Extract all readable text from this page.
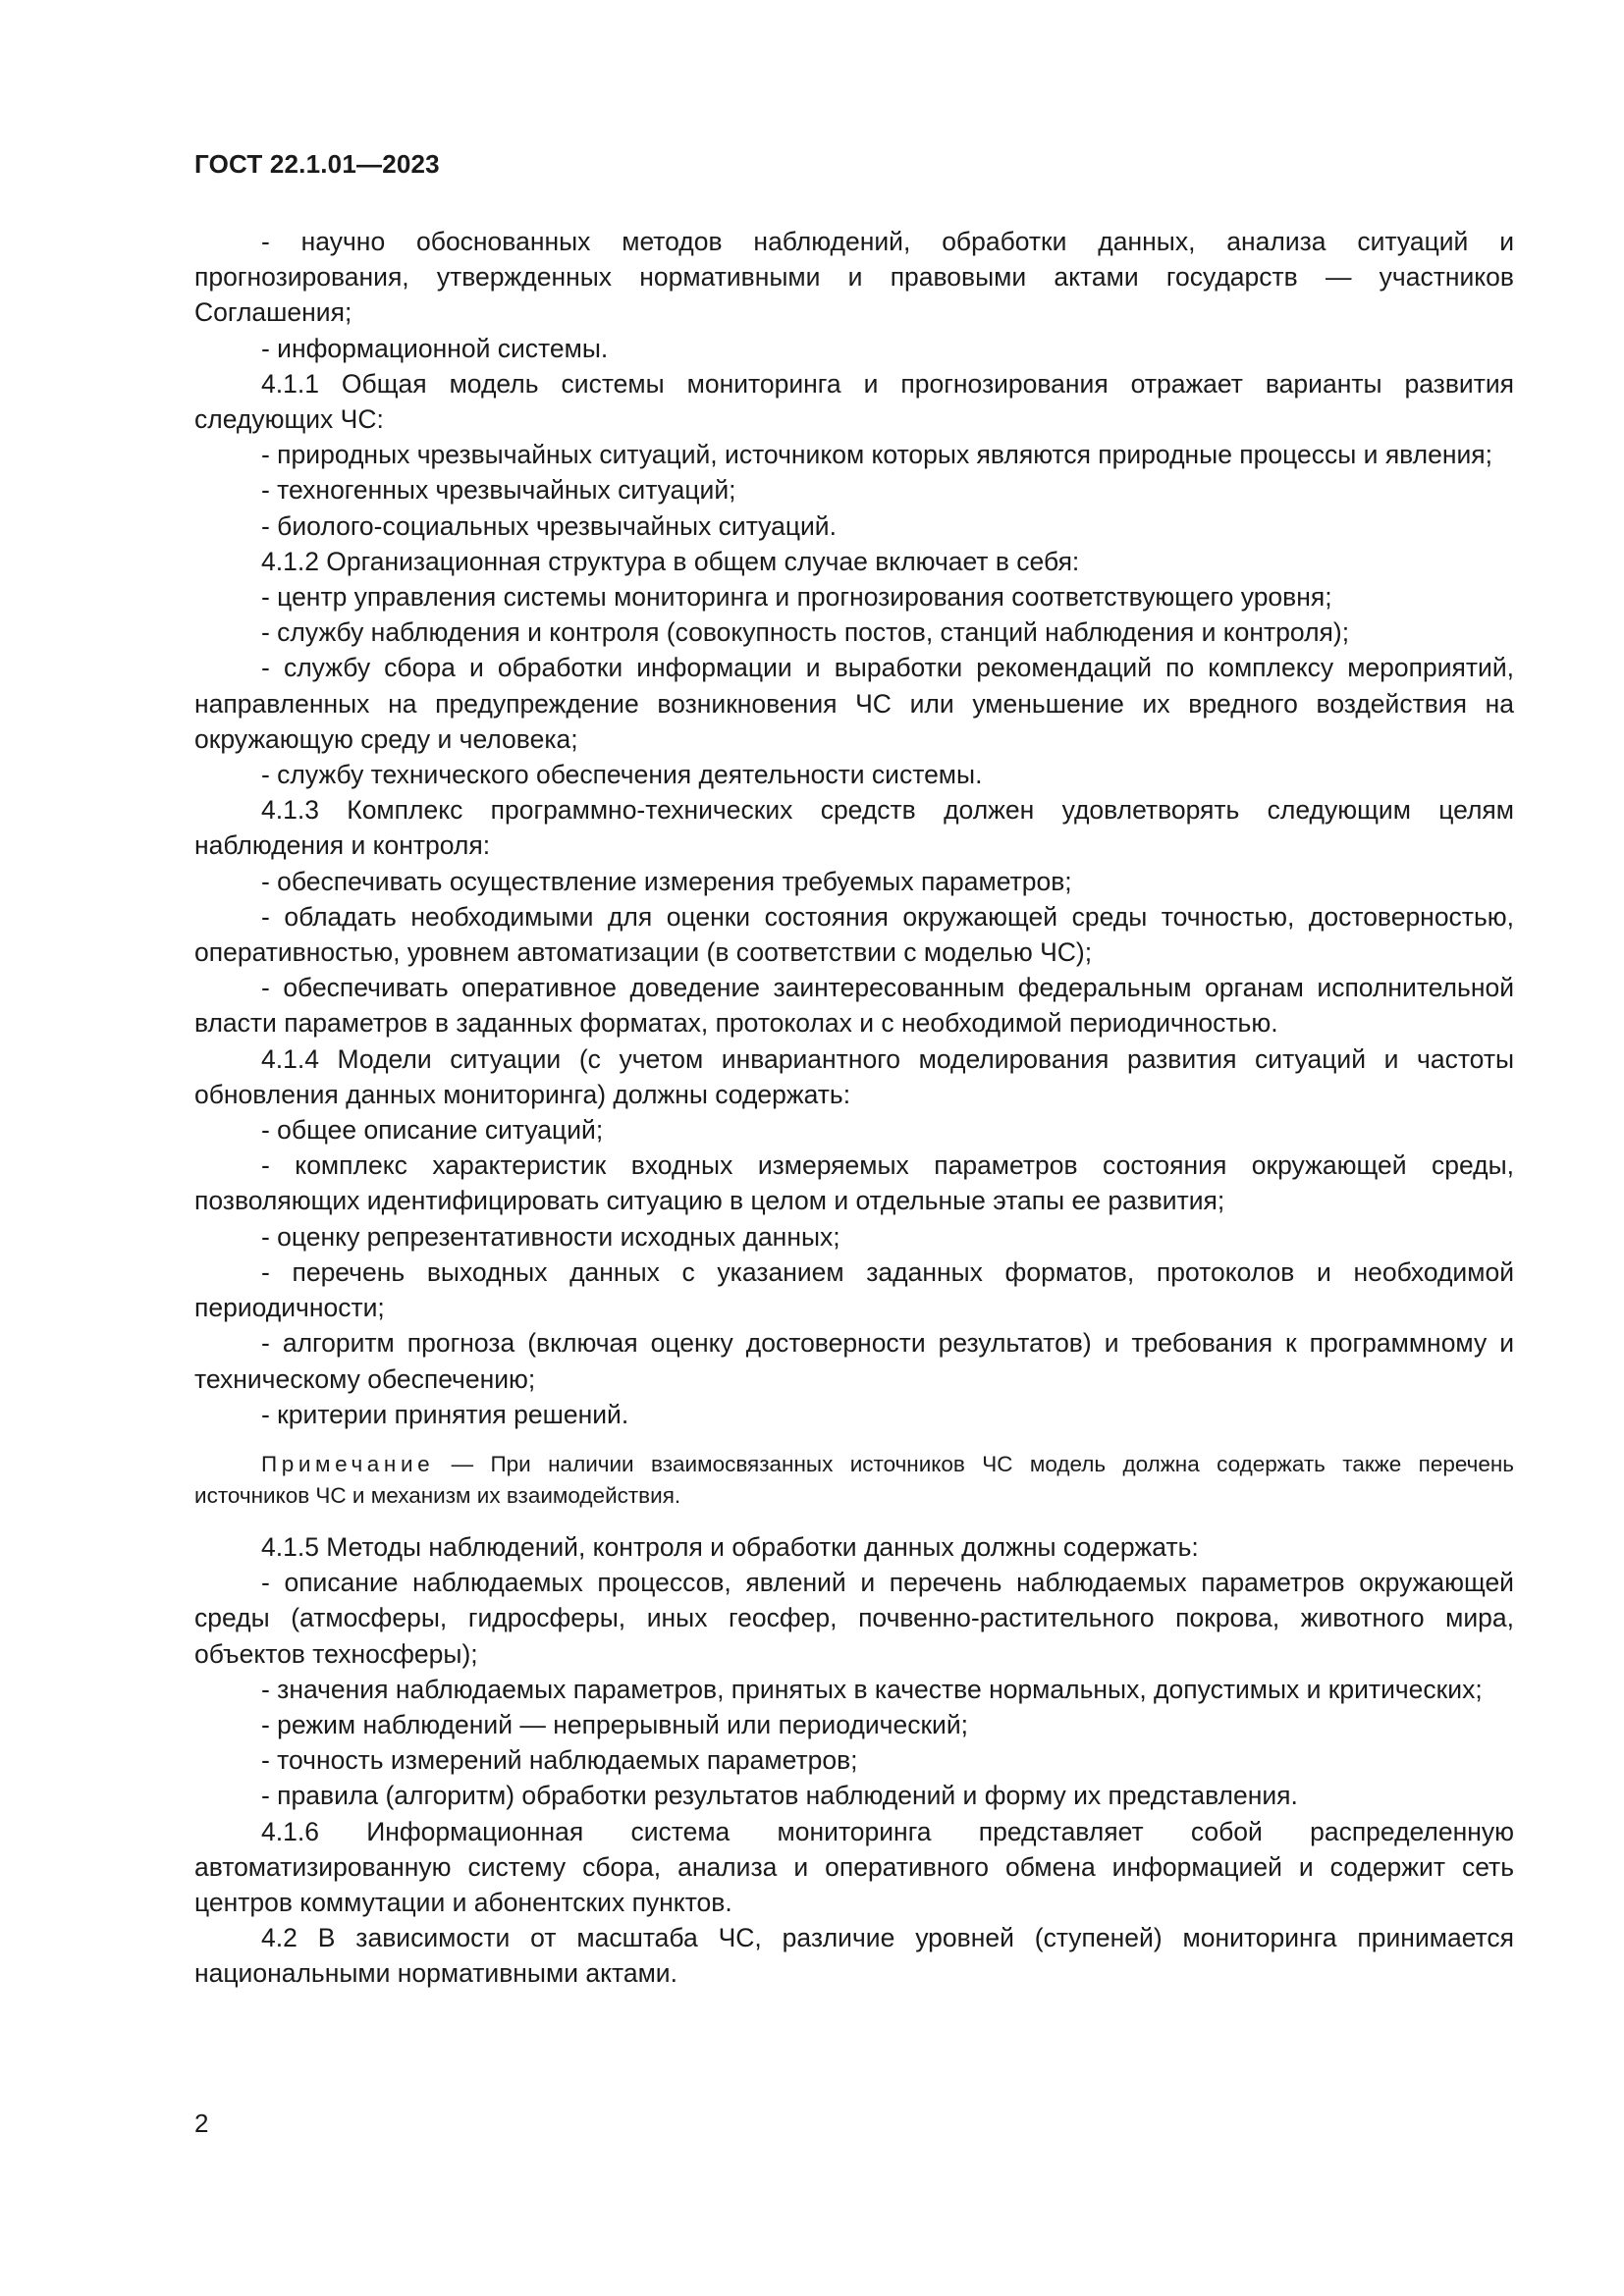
ГОСТ 22.1.01—2023

- научно обоснованных методов наблюдений, обработки данных, анализа ситуаций и прогнозирования, утвержденных нормативными и правовыми актами государств — участников Соглашения;

- информационной системы.

4.1.1 Общая модель системы мониторинга и прогнозирования отражает варианты развития следующих ЧС:

- природных чрезвычайных ситуаций, источником которых являются природные процессы и явления;

- техногенных чрезвычайных ситуаций;

- биолого-социальных чрезвычайных ситуаций.

4.1.2 Организационная структура в общем случае включает в себя:

- центр управления системы мониторинга и прогнозирования соответствующего уровня;

- службу наблюдения и контроля (совокупность постов, станций наблюдения и контроля);

- службу сбора и обработки информации и выработки рекомендаций по комплексу мероприятий, направленных на предупреждение возникновения ЧС или уменьшение их вредного воздействия на окружающую среду и человека;

- службу технического обеспечения деятельности системы.

4.1.3 Комплекс программно-технических средств должен удовлетворять следующим целям наблюдения и контроля:

- обеспечивать осуществление измерения требуемых параметров;

- обладать необходимыми для оценки состояния окружающей среды точностью, достоверностью, оперативностью, уровнем автоматизации (в соответствии с моделью ЧС);

- обеспечивать оперативное доведение заинтересованным федеральным органам исполнительной власти параметров в заданных форматах, протоколах и с необходимой периодичностью.

4.1.4 Модели ситуации (с учетом инвариантного моделирования развития ситуаций и частоты обновления данных мониторинга) должны содержать:

- общее описание ситуаций;

- комплекс характеристик входных измеряемых параметров состояния окружающей среды, позволяющих идентифицировать ситуацию в целом и отдельные этапы ее развития;

- оценку репрезентативности исходных данных;

- перечень выходных данных с указанием заданных форматов, протоколов и необходимой периодичности;

- алгоритм прогноза (включая оценку достоверности результатов) и требования к программному и техническому обеспечению;

- критерии принятия решений.

Примечание — При наличии взаимосвязанных источников ЧС модель должна содержать также перечень источников ЧС и механизм их взаимодействия.

4.1.5 Методы наблюдений, контроля и обработки данных должны содержать:

- описание наблюдаемых процессов, явлений и перечень наблюдаемых параметров окружающей среды (атмосферы, гидросферы, иных геосфер, почвенно-растительного покрова, животного мира, объектов техносферы);

- значения наблюдаемых параметров, принятых в качестве нормальных, допустимых и критических;

- режим наблюдений — непрерывный или периодический;

- точность измерений наблюдаемых параметров;

- правила (алгоритм) обработки результатов наблюдений и форму их представления.

4.1.6 Информационная система мониторинга представляет собой распределенную автоматизированную систему сбора, анализа и оперативного обмена информацией и содержит сеть центров коммутации и абонентских пунктов.

4.2 В зависимости от масштаба ЧС, различие уровней (ступеней) мониторинга принимается национальными нормативными актами.

2
